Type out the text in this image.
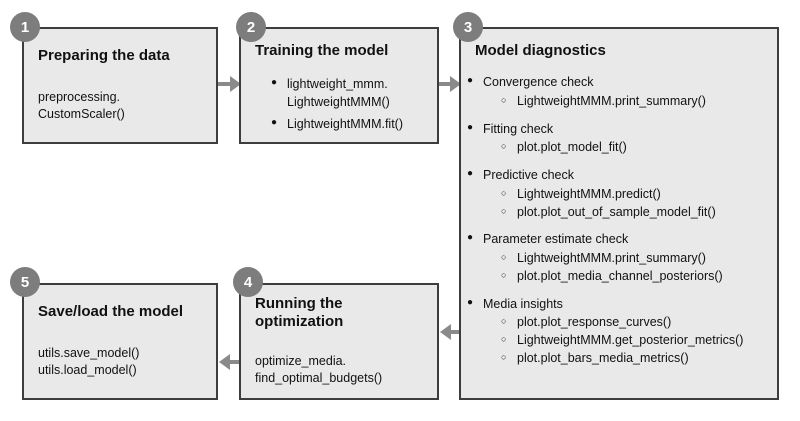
Preparing the data
preprocessing.
CustomScaler()
1
Training the model
● lightweight_mmm.
LightweightMMM()
● LightweightMMM.fit()
2
Model diagnostics
● Convergence check
○ LightweightMMM.print_summary()
● Fitting check
○ plot.plot_model_fit()
● Predictive check
○ LightweightMMM.predict()
○ plot.plot_out_of_sample_model_fit()
● Parameter estimate check
○ LightweightMMM.print_summary()
○ plot.plot_media_channel_posteriors()
● Media insights
○ plot.plot_response_curves()
○ LightweightMMM.get_posterior_metrics()
○ plot.plot_bars_media_metrics()
3
Running the
optimization
optimize_media.
find_optimal_budgets()
4
Save/load the model
utils.save_model()
utils.load_model()
5
